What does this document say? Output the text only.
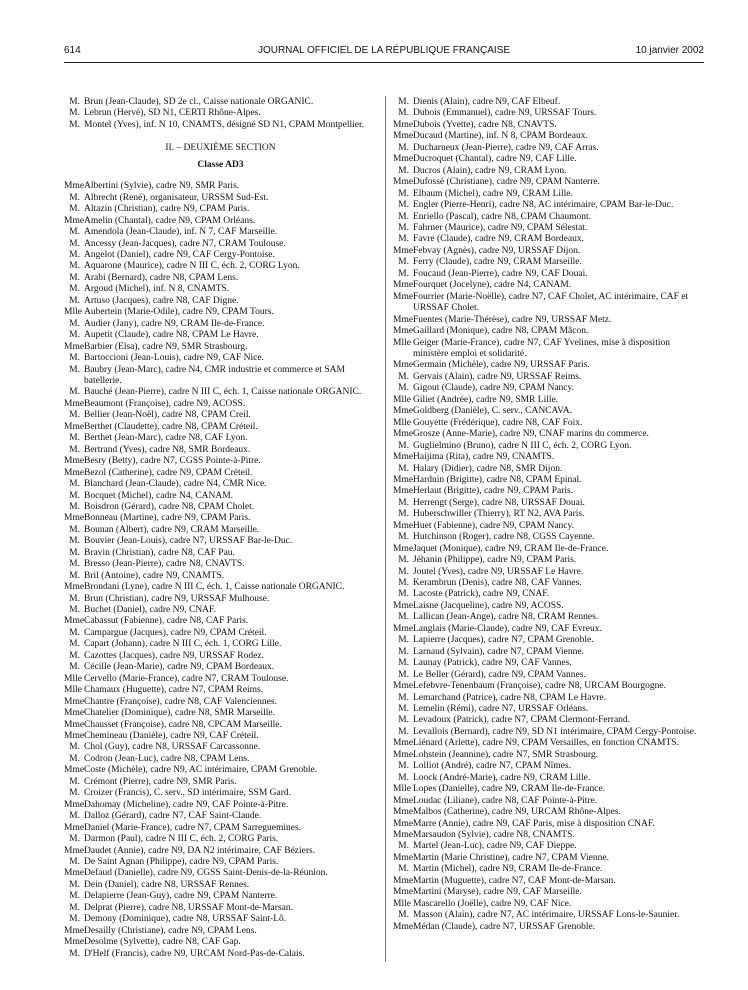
614	JOURNAL OFFICIEL DE LA RÉPUBLIQUE FRANÇAISE	10 janvier 2002
M. Brun (Jean-Claude), SD 2e cl., Caisse nationale ORGANIC.
M. Lebrun (Hervé), SD N1, CERTI Rhône-Alpes.
M. Montel (Yves), inf. N 10, CNAMTS, désigné SD N1, CPAM Montpellier.
II. – DEUXIÈME SECTION
Classe AD3
Mme Albertini (Sylvie), cadre N9, SMR Paris.
M. Albrecht (René), organisateur, URSSM Sud-Est.
M. Altazin (Christian), cadre N9, CPAM Paris.
Mme Amelin (Chantal), cadre N9, CPAM Orléans.
M. Amendola (Jean-Claude), inf. N 7, CAF Marseille.
M. Ancessy (Jean-Jacques), cadre N7, CRAM Toulouse.
M. Angelot (Daniel), cadre N9, CAF Cergy-Pontoise.
M. Aquarone (Maurice), cadre N III C, éch. 2, CORG Lyon.
M. Arabi (Bernard), cadre N8, CPAM Lens.
M. Argoud (Michel), inf. N 8, CNAMTS.
M. Artuso (Jacques), cadre N8, CAF Digne.
Mlle Aubertein (Marie-Odile), cadre N9, CPAM Tours.
M. Audier (Jany), cadre N9, CRAM Ile-de-France.
M. Aupetit (Claude), cadre N8, CPAM Le Havre.
Mme Barbier (Elsa), cadre N9, SMR Strasbourg.
M. Bartoccioni (Jean-Louis), cadre N9, CAF Nice.
M. Baubry (Jean-Marc), cadre N4, CMR industrie et commerce et SAM batellerie.
M. Bauché (Jean-Pierre), cadre N III C, éch. 1, Caisse nationale ORGANIC.
Mme Beaumont (Françoise), cadre N9, ACOSS.
M. Bellier (Jean-Noël), cadre N8, CPAM Creil.
Mme Berthet (Claudette), cadre N8, CPAM Créteil.
M. Berthet (Jean-Marc), cadre N8, CAF Lyon.
M. Bertrand (Yves), cadre N8, SMR Bordeaux.
Mme Besry (Betty), cadre N7, CGSS Pointe-à-Pitre.
Mme Bezol (Catherine), cadre N9, CPAM Créteil.
M. Blanchard (Jean-Claude), cadre N4, CMR Nice.
M. Bocquet (Michel), cadre N4, CANAM.
M. Boisdron (Gérard), cadre N8, CPAM Cholet.
Mme Bonneau (Martine), cadre N9, CPAM Paris.
M. Bounan (Albert), cadre N9, CRAM Marseille.
M. Bouvier (Jean-Louis), cadre N7, URSSAF Bar-le-Duc.
M. Bravin (Christian), cadre N8, CAF Pau.
M. Bresso (Jean-Pierre), cadre N8, CNAVTS.
M. Bril (Antoine), cadre N9, CNAMTS.
Mme Brondani (Lyne), cadre N III C, éch. 1, Caisse nationale ORGANIC.
M. Brun (Christian), cadre N9, URSSAF Mulhouse.
M. Buchet (Daniel), cadre N9, CNAF.
Mme Cabassut (Fabienne), cadre N8, CAF Paris.
M. Campargue (Jacques), cadre N9, CPAM Créteil.
M. Capart (Johann), cadre N III C, éch. 1, CORG Lille.
M. Cazottes (Jacques), cadre N9, URSSAF Rodez.
M. Cécille (Jean-Marie), cadre N9, CPAM Bordeaux.
Mlle Cervello (Marie-France), cadre N7, CRAM Toulouse.
Mlle Chamaux (Huguette), cadre N7, CPAM Reims.
Mme Chantre (Françoise), cadre N8, CAF Valenciennes.
Mme Chatelier (Dominique), cadre N8, SMR Marseille.
Mme Chausset (Françoise), cadre N8, CPCAM Marseille.
Mme Chemineau (Danièle), cadre N9, CAF Créteil.
M. Chol (Guy), cadre N8, URSSAF Carcassonne.
M. Codron (Jean-Luc), cadre N8, CPAM Lens.
Mme Coste (Michèle), cadre N9, AC intérimaire, CPAM Grenoble.
M. Crémont (Pierre), cadre N9, SMR Paris.
M. Croizer (Francis), C. serv., SD intérimaire, SSM Gard.
Mme Dahomay (Micheline), cadre N9, CAF Pointe-à-Pitre.
M. Dalloz (Gérard), cadre N7, CAF Saint-Claude.
Mme Daniel (Marie-France), cadre N7, CPAM Sarreguemines.
M. Darmon (Paul), cadre N III C, éch. 2, CORG Paris.
Mme Daudet (Annie), cadre N9, DA N2 intérimaire, CAF Béziers.
M. De Saint Agnan (Philippe), cadre N9, CPAM Paris.
Mme Defaud (Danielle), cadre N9, CGSS Saint-Denis-de-la-Réunion.
M. Dein (Daniel), cadre N8, URSSAF Rennes.
M. Delapierre (Jean-Guy), cadre N9, CPAM Nanterre.
M. Delprat (Pierre), cadre N8, URSSAF Mont-de-Marsan.
M. Demouy (Dominique), cadre N8, URSSAF Saint-Lô.
Mme Desailly (Christiane), cadre N9, CPAM Lens.
Mme Desolme (Sylvette), cadre N8, CAF Gap.
M. D'Helf (Francis), cadre N9, URCAM Nord-Pas-de-Calais.
M. Dienis (Alain), cadre N9, CAF Elbeuf.
M. Dubois (Emmanuel), cadre N9, URSSAF Tours.
Mme Dubois (Yvette), cadre N8, CNAVTS.
Mme Ducaud (Martine), inf. N 8, CPAM Bordeaux.
M. Ducharneux (Jean-Pierre), cadre N9, CAF Arras.
Mme Ducroquet (Chantal), cadre N9, CAF Lille.
M. Ducros (Alain), cadre N9, CRAM Lyon.
Mme Dufossé (Christiane), cadre N9, CPAM Nanterre.
M. Elbaum (Michel), cadre N9, CRAM Lille.
M. Engler (Pierre-Henri), cadre N8, AC intérimaire, CPAM Bar-le-Duc.
M. Enriello (Pascal), cadre N8, CPAM Chaumont.
M. Fahrner (Maurice), cadre N9, CPAM Sélestat.
M. Favre (Claude), cadre N9, CRAM Bordeaux.
Mme Febvay (Agnès), cadre N9, URSSAF Dijon.
M. Ferry (Claude), cadre N9, CRAM Marseille.
M. Foucaud (Jean-Pierre), cadre N9, CAF Douai.
Mme Fourquet (Jocelyne), cadre N4, CANAM.
Mme Fourrier (Marie-Noëlle), cadre N7, CAF Cholet, AC intérimaire, CAF et URSSAF Cholet.
Mme Fuentes (Marie-Thérèse), cadre N9, URSSAF Metz.
Mme Gaillard (Monique), cadre N8, CPAM Mâcon.
Mlle Geiger (Marie-France), cadre N7, CAF Yvelines, mise à disposition ministère emploi et solidarité.
Mme Germain (Michèle), cadre N9, URSSAF Paris.
M. Gervais (Alain), cadre N9, URSSAF Reims.
M. Gigout (Claude), cadre N9, CPAM Nancy.
Mlle Giliet (Andrée), cadre N9, SMR Lille.
Mme Goldberg (Danièle), C. serv., CANCAVA.
Mlle Gouyette (Frédérique), cadre N8, CAF Foix.
Mme Grosze (Anne-Marie), cadre N9, CNAF marins du commerce.
M. Guglielmino (Bruno), cadre N III C, éch. 2, CORG Lyon.
Mme Haijima (Rita), cadre N9, CNAMTS.
M. Halary (Didier), cadre N8, SMR Dijon.
Mme Harduin (Brigitte), cadre N8, CPAM Epinal.
Mme Herlaut (Brigitte), cadre N9, CPAM Paris.
M. Herrengt (Serge), cadre N8, URSSAF Douai.
M. Huberschwiller (Thierry), RT N2, AVA Paris.
Mme Huet (Fabienne), cadre N9, CPAM Nancy.
M. Hutchinson (Roger), cadre N8, CGSS Cayenne.
Mme Jaquet (Monique), cadre N9, CRAM Ile-de-France.
M. Jéhanin (Philippe), cadre N9, CPAM Paris.
M. Joutel (Yves), cadre N9, URSSAF Le Havre.
M. Kerambrun (Denis), cadre N8, CAF Vannes.
M. Lacoste (Patrick), cadre N9, CNAF.
Mme Laisne (Jacqueline), cadre N9, ACOSS.
M. Lallican (Jean-Ange), cadre N8, CRAM Rennes.
Mme Langlais (Marie-Claude), cadre N9, CAF Evreux.
M. Lapierre (Jacques), cadre N7, CPAM Grenoble.
M. Larnaud (Sylvain), cadre N7, CPAM Vienne.
M. Launay (Patrick), cadre N9, CAF Vannes.
M. Le Beller (Gérard), cadre N9, CPAM Vannes.
Mme Lefebvre-Tenenbaum (Françoise), cadre N8, URCAM Bourgogne.
M. Lemarchand (Patrice), cadre N8, CPAM Le Havre.
M. Lemelin (Rémi), cadre N7, URSSAF Orléans.
M. Levadoux (Patrick), cadre N7, CPAM Clermont-Ferrand.
M. Levallois (Bernard), cadre N9, SD N1 intérimaire, CPAM Cergy-Pontoise.
Mme Liénard (Arlette), cadre N9, CPAM Versailles, en fonction CNAMTS.
Mme Lohstein (Jeannine), cadre N7, SMR Strasbourg.
M. Lolliot (André), cadre N7, CPAM Nîmes.
M. Loock (André-Marie), cadre N9, CRAM Lille.
Mlle Lopes (Danielle), cadre N9, CRAM Ile-de-France.
Mme Loudac (Liliane), cadre N8, CAF Pointe-à-Pitre.
Mme Malbos (Catherine), cadre N9, URCAM Rhône-Alpes.
Mme Marre (Annie), cadre N9, CAF Paris, mise à disposition CNAF.
Mme Marsaudon (Sylvie), cadre N8, CNAMTS.
M. Martel (Jean-Luc), cadre N9, CAF Dieppe.
Mme Martin (Marie Christine), cadre N7, CPAM Vienne.
M. Martin (Michel), cadre N9, CRAM Ile-de-France.
Mme Martin (Muguette), cadre N7, CAF Mont-de-Marsan.
Mme Martini (Maryse), cadre N9, CAF Marseille.
Mlle Mascarello (Joëlle), cadre N9, CAF Nice.
M. Masson (Alain), cadre N7, AC intérimaire, URSSAF Lons-le-Saunier.
Mme Médan (Claude), cadre N7, URSSAF Grenoble.
